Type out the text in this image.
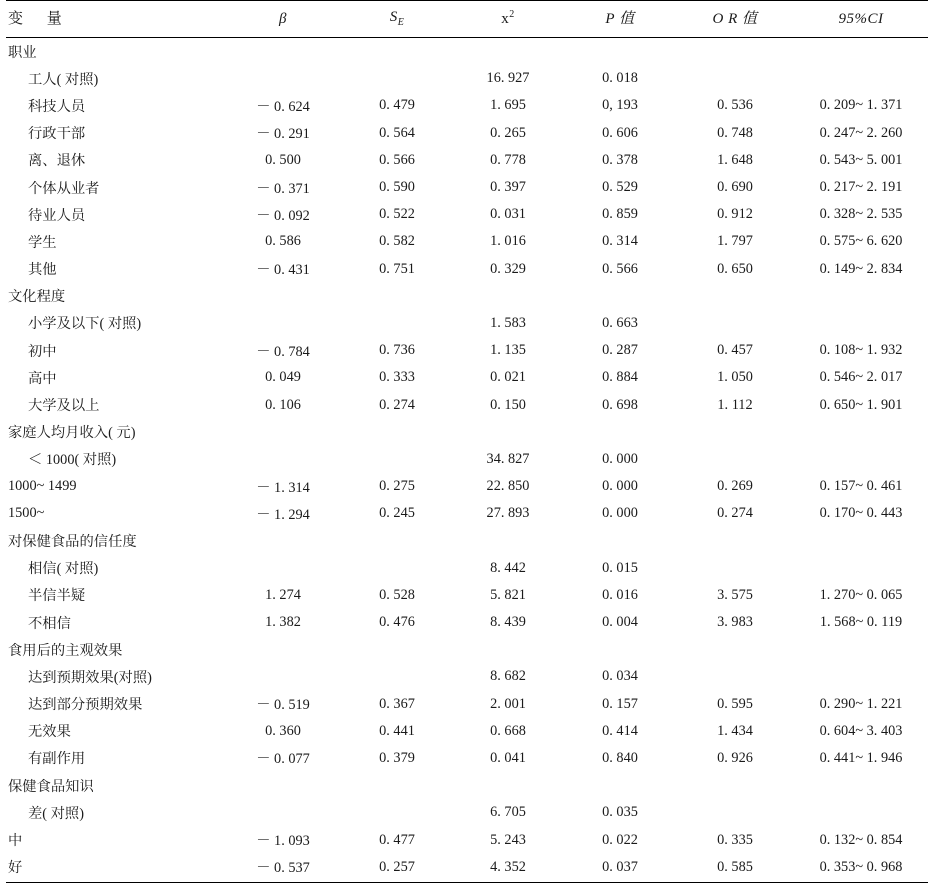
变 量	β	$S_E$	$x^2$	P 值	O R 值	95%CI
职业						
工人( 对照)			16. 927	0. 018		
科技人员	－ 0. 624	0. 479	1. 695	0, 193	0. 536	0. 209~ 1. 371
行政干部	－ 0. 291	0. 564	0. 265	0. 606	0. 748	0. 247~ 2. 260
离、退休	0. 500	0. 566	0. 778	0. 378	1. 648	0. 543~ 5. 001
个体从业者	－ 0. 371	0. 590	0. 397	0. 529	0. 690	0. 217~ 2. 191
待业人员	－ 0. 092	0. 522	0. 031	0. 859	0. 912	0. 328~ 2. 535
学生	0. 586	0. 582	1. 016	0. 314	1. 797	0. 575~ 6. 620
其他	－ 0. 431	0. 751	0. 329	0. 566	0. 650	0. 149~ 2. 834
文化程度						
小学及以下( 对照)			1. 583	0. 663		
初中	－ 0. 784	0. 736	1. 135	0. 287	0. 457	0. 108~ 1. 932
高中	0. 049	0. 333	0. 021	0. 884	1. 050	0. 546~ 2. 017
大学及以上	0. 106	0. 274	0. 150	0. 698	1. 112	0. 650~ 1. 901
家庭人均月收入( 元)						
＜ 1000( 对照)			34. 827	0. 000		
1000~ 1499	－ 1. 314	0. 275	22. 850	0. 000	0. 269	0. 157~ 0. 461
1500~	－ 1. 294	0. 245	27. 893	0. 000	0. 274	0. 170~ 0. 443
对保健食品的信任度						
相信( 对照)			8. 442	0. 015		
半信半疑	1. 274	0. 528	5. 821	0. 016	3. 575	1. 270~ 0. 065
不相信	1. 382	0. 476	8. 439	0. 004	3. 983	1. 568~ 0. 119
食用后的主观效果						
达到预期效果(对照)			8. 682	0. 034		
达到部分预期效果	－ 0. 519	0. 367	2. 001	0. 157	0. 595	0. 290~ 1. 221
无效果	0. 360	0. 441	0. 668	0. 414	1. 434	0. 604~ 3. 403
有副作用	－ 0. 077	0. 379	0. 041	0. 840	0. 926	0. 441~ 1. 946
保健食品知识						
差( 对照)			6. 705	0. 035		
中	－ 1. 093	0. 477	5. 243	0. 022	0. 335	0. 132~ 0. 854
好	－ 0. 537	0. 257	4. 352	0. 037	0. 585	0. 353~ 0. 968
